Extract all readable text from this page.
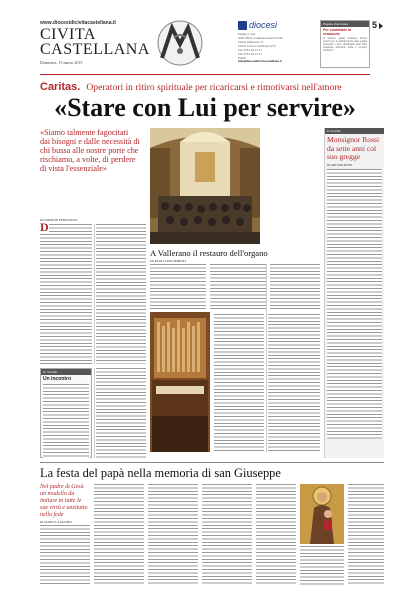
www.diocesidicivitacastellana.it
CIVITA
CASTELLANA
Domenica, 15 marzo 2015
diocesi
Pagina a cura
dell'Ufficio Comunicazioni Sociali
Piazza Matteotti, 27
01033 Civita Castellana (VT)
Tel. 0761.54.14.13
Fax 0761.59.75.17
Email:
info@diocesidicivitacastellana.it
Pagina diocesana
Per contattare la redazione
Si invitano quanti volessero inviare articoli per la pubblicazione sulla pagina diocesana a farlo all'indirizzo mail della redazione, indicando nome e recapito telefonico.
5
Caritas. Operatori in ritiro spirituale per ricaricarsi e rimotivarsi nell'amore
«Stare con Lui per servire»
«Siamo talmente fagocitati dai bisogni e dalle necessità di chi bussa alle nostre porte che rischiamo, a volte, di perdere di vista l'essenziale»
DI SIMONE PERNAZZO
D
In ricordo
Un incontro
A Vallerano il restauro dell'organo
DI PAOLO PICOMBOLI
Il ricordo
Monsignor Rossi da sette anni col suo gregge
DI ARTURO ROSSI
La festa del papà nella memoria di san Giuseppe
Nel padre di Gesù un modello da imitare in tutte le sue virtù e anzitutto nella fede
DI GIANLUCA PACIFICI
